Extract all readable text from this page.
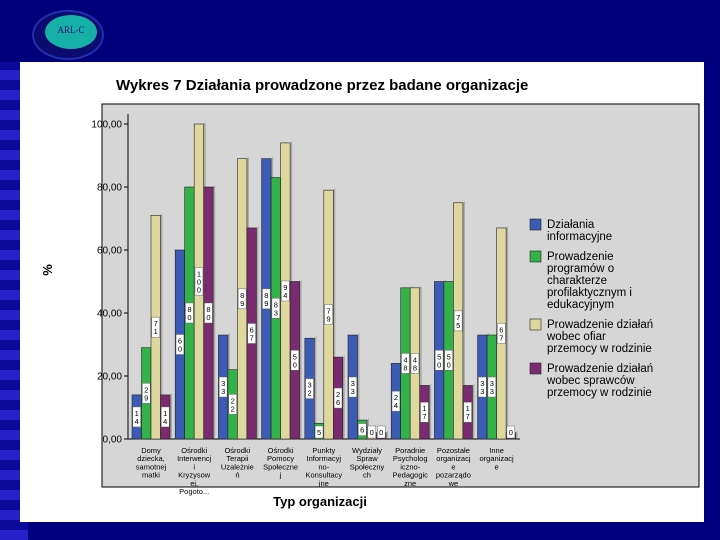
ARL-C
Wykres 7 Działania prowadzone przez badane organizacje
0,00
20,00
40,00
60,00
80,00
100,00
%
1 4
2 9
7 1
1 4
6 0
8 0
1 0 0
8 0
3 3
2 2
8 9
6 7
8 9 8 3
9 4
5 0
3 2
5
7 9
2 6
3 3
6 0 0
2 4
4 8
4 8
1 7
5 0
5 0
7 5
1 7
3 3
3 3
6 7
0
Domy dziecka, samotnej matki
Ośrodki Interwencj i Kryzysow ej, Pogoto...
Ośrodki Terapii Uzależnie ń
Ośrodki Pomocy Społeczne j
Punkty Informacyj no-Konsultacy jne
Wydziały Spraw Społeczny ch
Poradnie Psycholog iczno-Pedagogic zne
Pozostałe organizacj e pozarządo we
Inne organizacj e
Typ organizacji
Działania informacyjne
Prowadzenie programów o charakterze profilaktycznym i edukacyjnym
Prowadzenie działań wobec ofiar przemocy w rodzinie
Prowadzenie działań wobec sprawców przemocy w rodzinie
